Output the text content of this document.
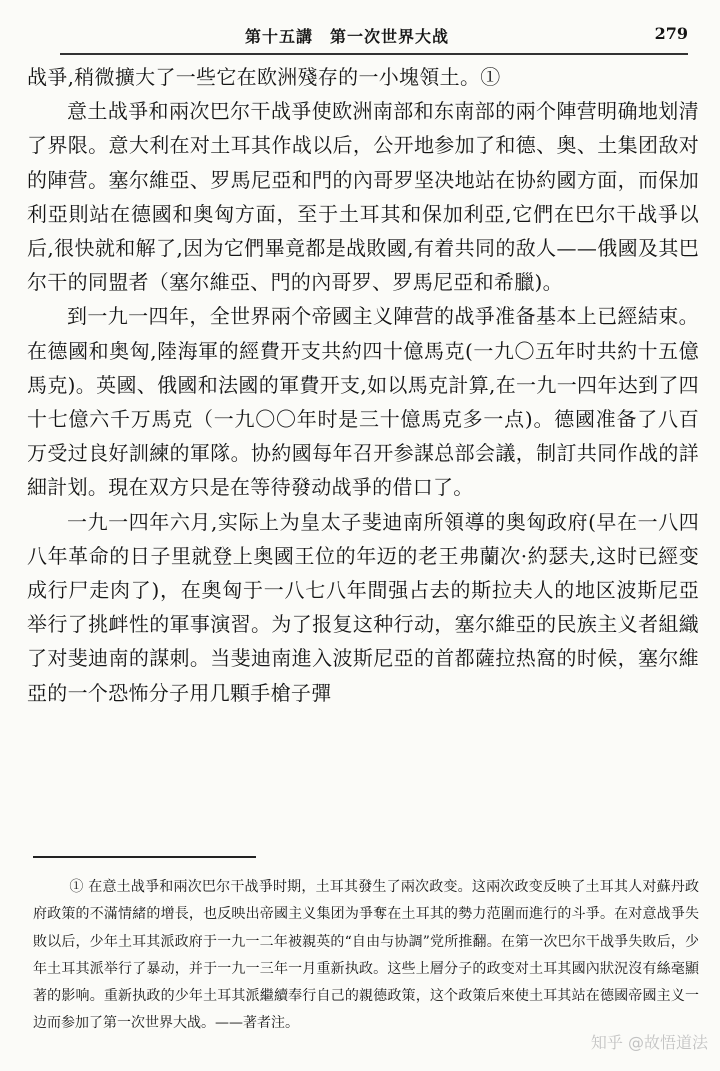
第十五講　第一次世界大战	279

战爭,稍微擴大了一些它在欧洲殘存的一小塊領土。①

意土战爭和兩次巴尔干战爭使欧洲南部和东南部的兩个陣营明确地划清了界限。意大利在对土耳其作战以后，公开地参加了和德、奥、土集团敌对的陣营。塞尔維亞、罗馬尼亞和門的內哥罗坚决地站在协約國方面，而保加利亞則站在德國和奥匈方面，至于土耳其和保加利亞,它們在巴尔干战爭以后,很快就和解了,因为它們畢竟都是战敗國,有着共同的敌人——俄國及其巴尔干的同盟者（塞尔維亞、門的內哥罗、罗馬尼亞和希臘)。

到一九一四年，全世界兩个帝國主义陣营的战爭准备基本上已經結束。在德國和奥匈,陸海軍的經費开支共約四十億馬克(一九〇五年时共約十五億馬克)。英國、俄國和法國的軍費开支,如以馬克計算,在一九一四年达到了四十七億六千万馬克（一九〇〇年时是三十億馬克多一点)。德國准备了八百万受过良好訓練的軍隊。协約國每年召开参謀总部会議，制訂共同作战的詳細計划。現在双方只是在等待發动战爭的借口了。

一九一四年六月,实际上为皇太子斐迪南所領導的奥匈政府(早在一八四八年革命的日子里就登上奥國王位的年迈的老王弗蘭次·約瑟夫,这时已經变成行尸走肉了)，在奥匈于一八七八年間强占去的斯拉夫人的地区波斯尼亞举行了挑衅性的軍事演習。为了报复这种行动，塞尔維亞的民族主义者組織了对斐迪南的謀刺。当斐迪南進入波斯尼亞的首都薩拉热窩的时候，塞尔維亞的一个恐怖分子用几顆手槍子彈

① 在意土战爭和兩次巴尔干战爭时期，土耳其發生了兩次政变。这兩次政变反映了土耳其人对蘇丹政府政策的不滿情緒的增長，也反映出帝國主义集团为爭奪在土耳其的勢力范圍而進行的斗爭。在对意战爭失敗以后，少年土耳其派政府于一九一二年被親英的“自由与协調”党所推翻。在第一次巴尔干战爭失敗后，少年土耳其派举行了暴动，并于一九一三年一月重新执政。这些上層分子的政变对土耳其國內狀況沒有絲毫顯著的影响。重新执政的少年土耳其派繼續奉行自己的親德政策，这个政策后來使土耳其站在德國帝國主义一边而参加了第一次世界大战。——著者注。
知乎 @故悟道法
